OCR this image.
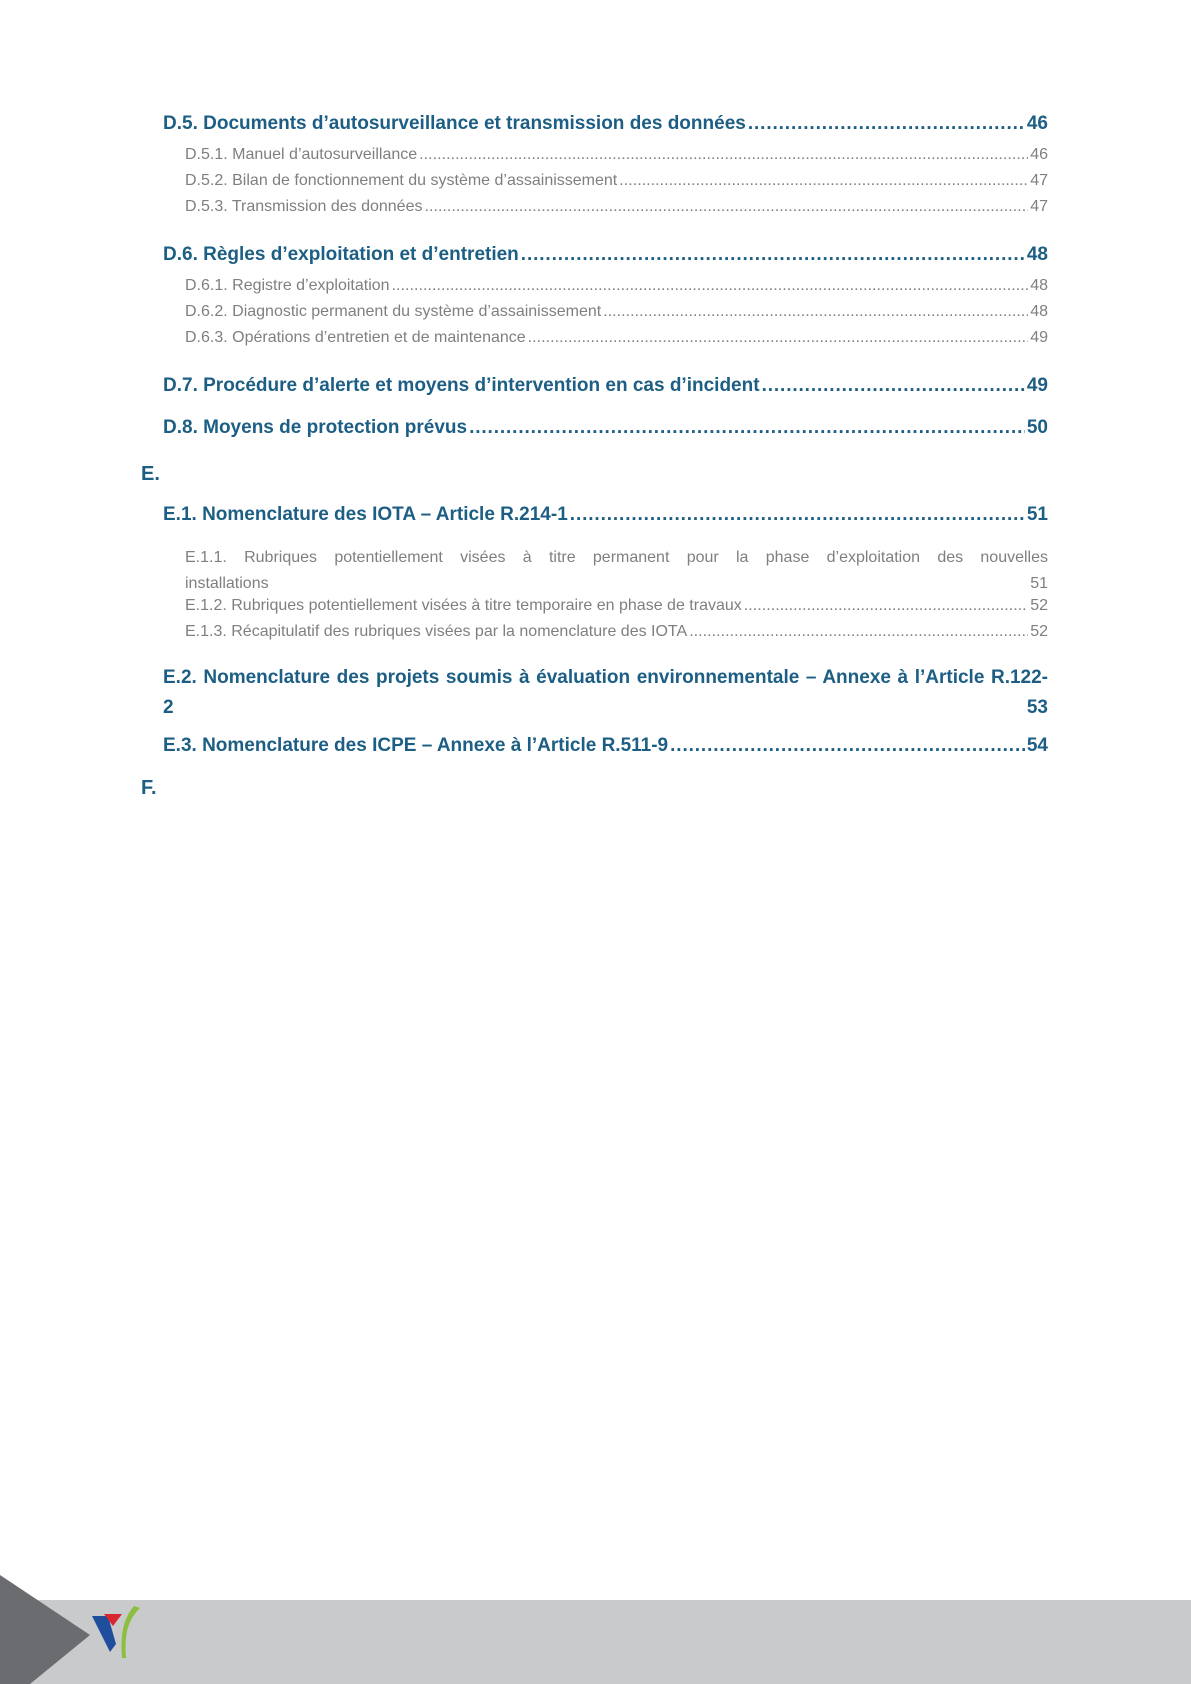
D.5. Documents d’autosurveillance et transmission des données . . .	46
D.5.1. Manuel d’autosurveillance . . .	46
D.5.2. Bilan de fonctionnement du système d’assainissement . . .	47
D.5.3. Transmission des données . . .	47
D.6. Règles d’exploitation et d’entretien . . .	48
D.6.1. Registre d’exploitation . . .	48
D.6.2. Diagnostic permanent du système d’assainissement . . .	48
D.6.3. Opérations d’entretien et de maintenance . . .	49
D.7. Procédure d’alerte et moyens d’intervention en cas d’incident . . .	49
D.8. Moyens de protection prévus . . .	50
E.
E.1. Nomenclature des IOTA – Article R.214-1 . . .	51
E.1.1. Rubriques potentiellement visées à titre permanent pour la phase d’exploitation des nouvelles
installations	51
E.1.2. Rubriques potentiellement visées à titre temporaire en phase de travaux . . .	52
E.1.3. Récapitulatif des rubriques visées par la nomenclature des IOTA . . .	52
E.2. Nomenclature des projets soumis à évaluation environnementale – Annexe à l’Article R.122-
2	53
E.3. Nomenclature des ICPE – Annexe à l’Article R.511-9 . . .	54
F.
